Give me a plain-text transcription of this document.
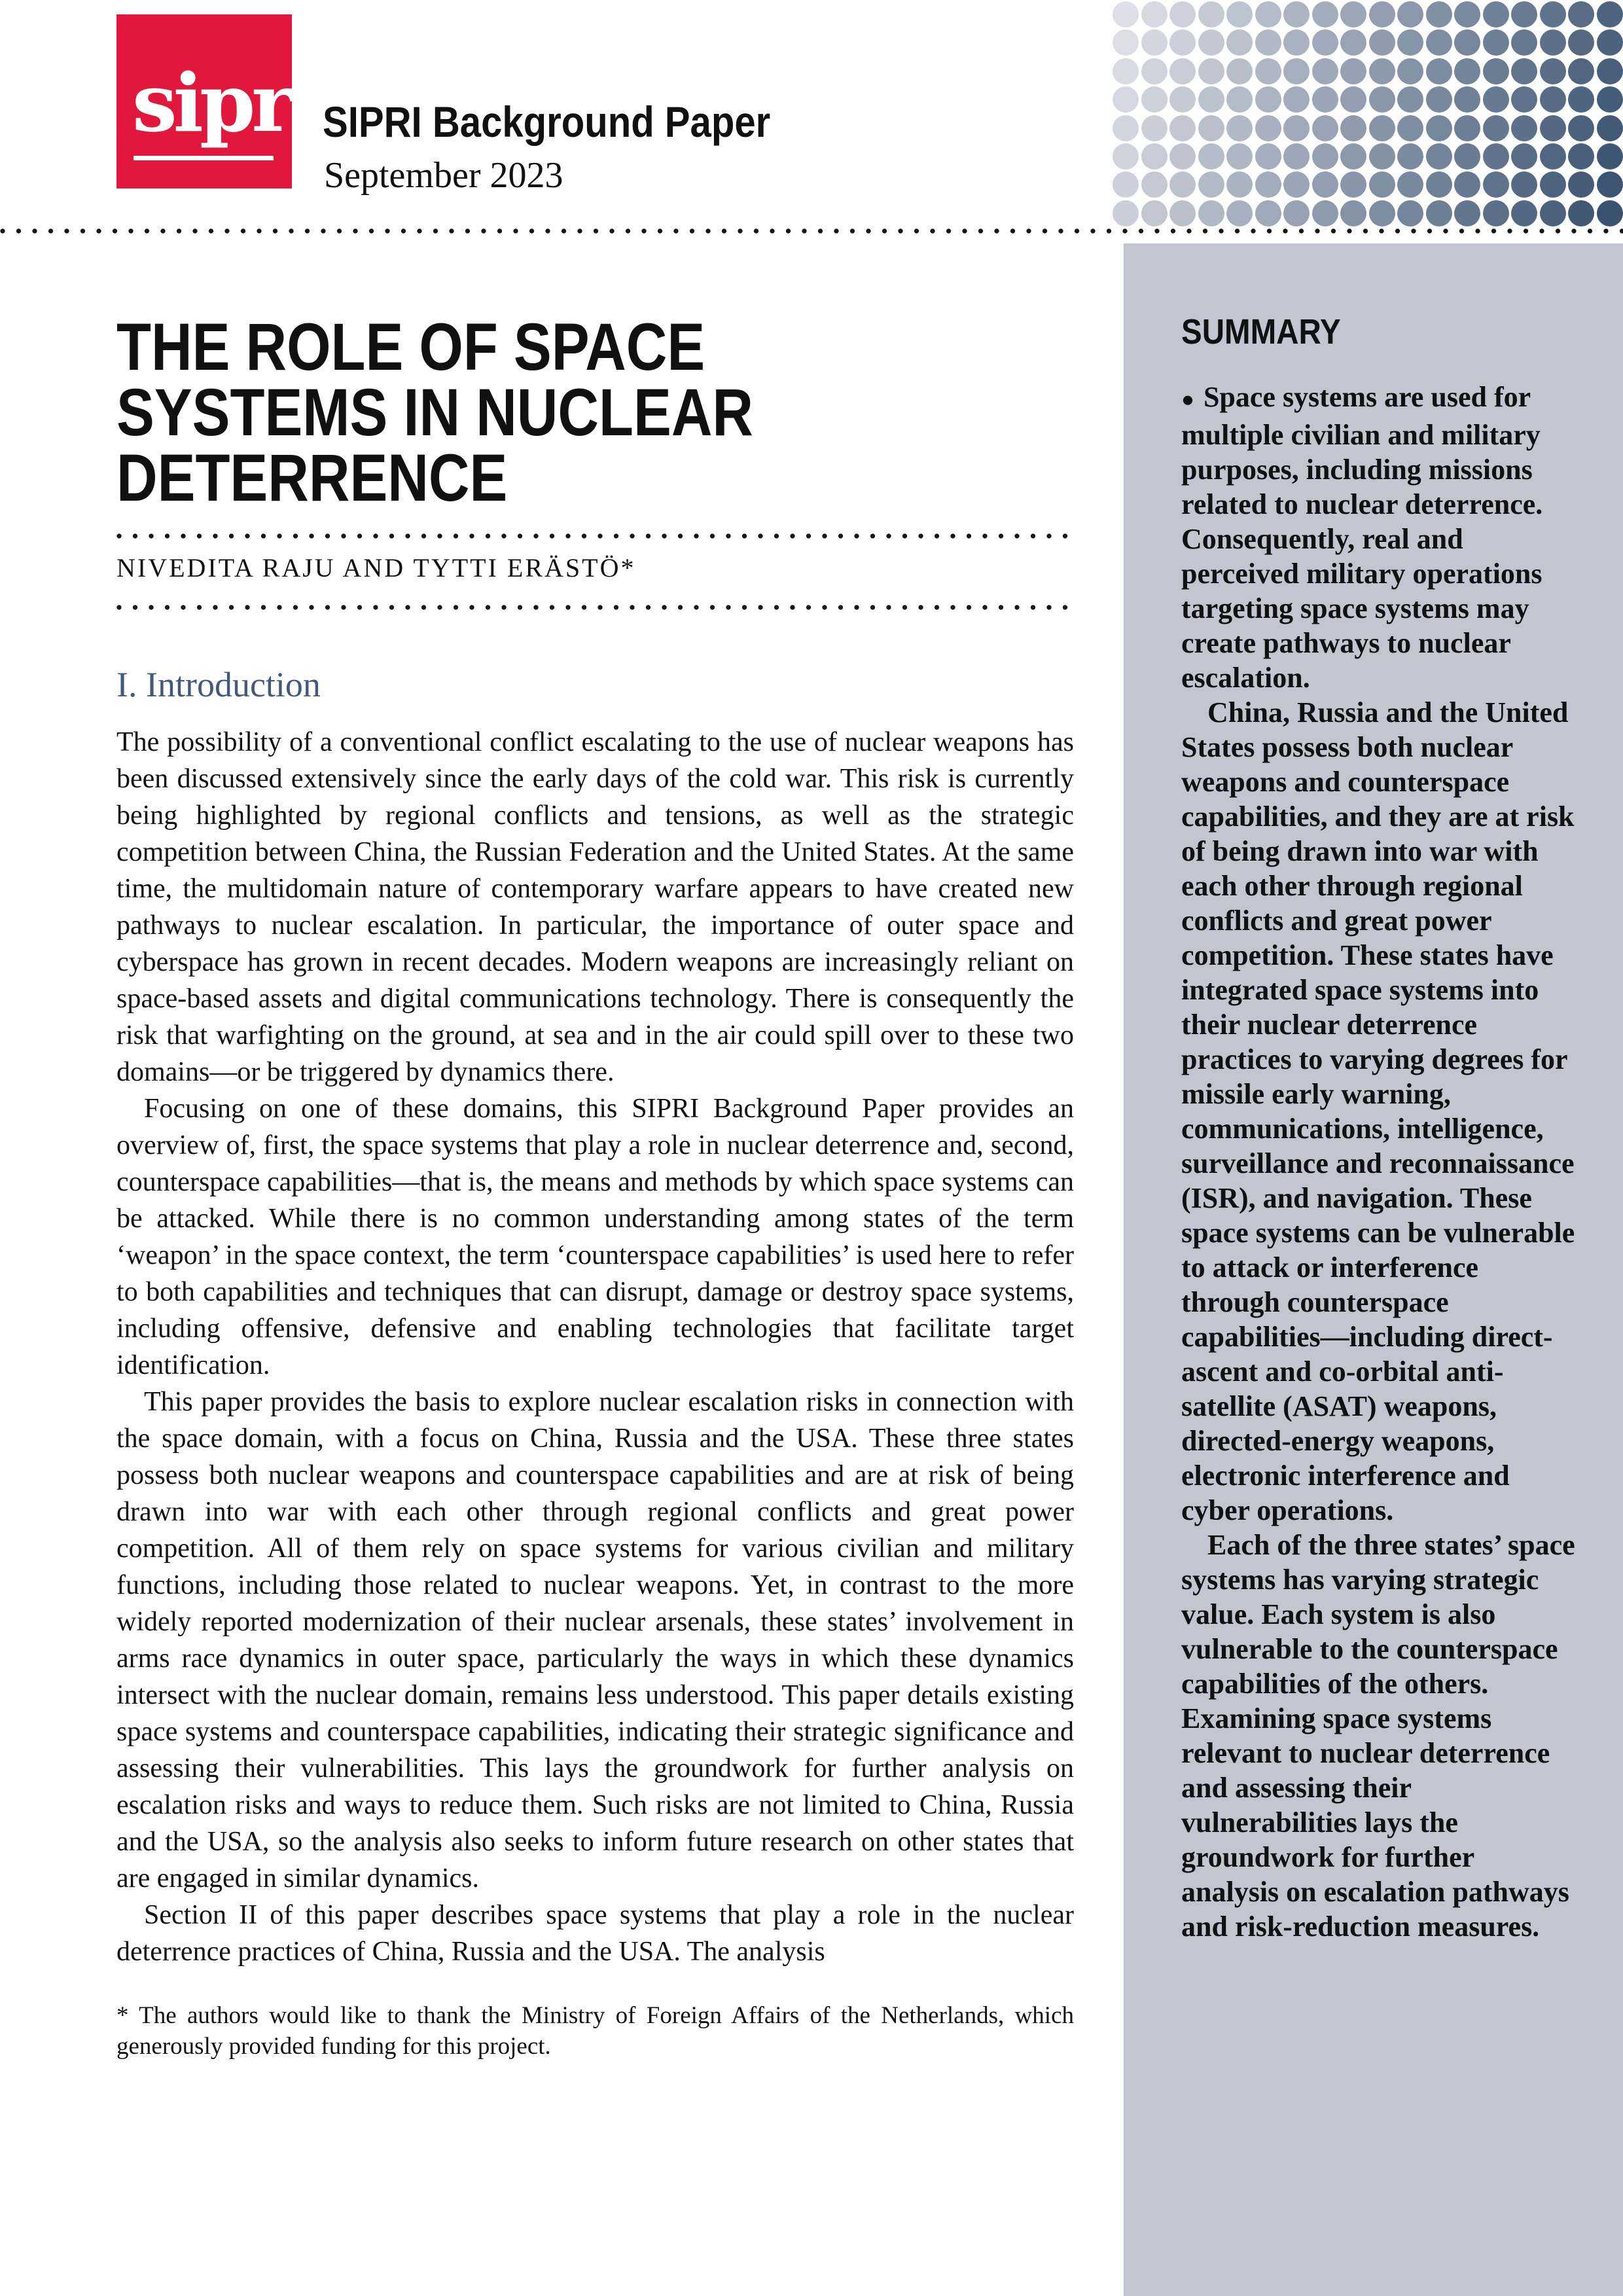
sipri SIPRI Background Paper
September 2023
SUMMARY

● Space systems are used for multiple civilian and military purposes, including missions related to nuclear deterrence. Consequently, real and perceived military operations targeting space systems may create pathways to nuclear escalation.

China, Russia and the United States possess both nuclear weapons and counterspace capabilities, and they are at risk of being drawn into war with each other through regional conflicts and great power competition. These states have integrated space systems into their nuclear deterrence practices to varying degrees for missile early warning, communications, intelligence, surveillance and reconnaissance (ISR), and navigation. These space systems can be vulnerable to attack or interference through counterspace capabilities—including direct-ascent and co-orbital anti-satellite (ASAT) weapons, directed-energy weapons, electronic interference and cyber operations.

Each of the three states’ space systems has varying strategic value. Each system is also vulnerable to the counterspace capabilities of the others. Examining space systems relevant to nuclear deterrence and assessing their vulnerabilities lays the groundwork for further analysis on escalation pathways and risk-reduction measures.

THE ROLE OF SPACE
SYSTEMS IN NUCLEAR
DETERRENCE
NIVEDITA RAJU AND TYTTI ERÄSTÖ*
I. Introduction

The possibility of a conventional conflict escalating to the use of nuclear weapons has been discussed extensively since the early days of the cold war. This risk is currently being highlighted by regional conflicts and tensions, as well as the strategic competition between China, the Russian Federation and the United States. At the same time, the multidomain nature of contemporary warfare appears to have created new pathways to nuclear escalation. In particular, the importance of outer space and cyberspace has grown in recent decades. Modern weapons are increasingly reliant on space-based assets and digital communications technology. There is consequently the risk that warfighting on the ground, at sea and in the air could spill over to these two domains—or be triggered by dynamics there.

Focusing on one of these domains, this SIPRI Background Paper provides an overview of, first, the space systems that play a role in nuclear deterrence and, second, counterspace capabilities—that is, the means and methods by which space systems can be attacked. While there is no common understanding among states of the term ‘weapon’ in the space context, the term ‘counterspace capabilities’ is used here to refer to both capabilities and techniques that can disrupt, damage or destroy space systems, including offensive, defensive and enabling technologies that facilitate target identification.

This paper provides the basis to explore nuclear escalation risks in connection with the space domain, with a focus on China, Russia and the USA. These three states possess both nuclear weapons and counterspace capabilities and are at risk of being drawn into war with each other through regional conflicts and great power competition. All of them rely on space systems for various civilian and military functions, including those related to nuclear weapons. Yet, in contrast to the more widely reported modernization of their nuclear arsenals, these states’ involvement in arms race dynamics in outer space, particularly the ways in which these dynamics intersect with the nuclear domain, remains less understood. This paper details existing space systems and counterspace capabilities, indicating their strategic significance and assessing their vulnerabilities. This lays the groundwork for further analysis on escalation risks and ways to reduce them. Such risks are not limited to China, Russia and the USA, so the analysis also seeks to inform future research on other states that are engaged in similar dynamics.

Section II of this paper describes space systems that play a role in the nuclear deterrence practices of China, Russia and the USA. The analysis

* The authors would like to thank the Ministry of Foreign Affairs of the Netherlands, which generously provided funding for this project.
